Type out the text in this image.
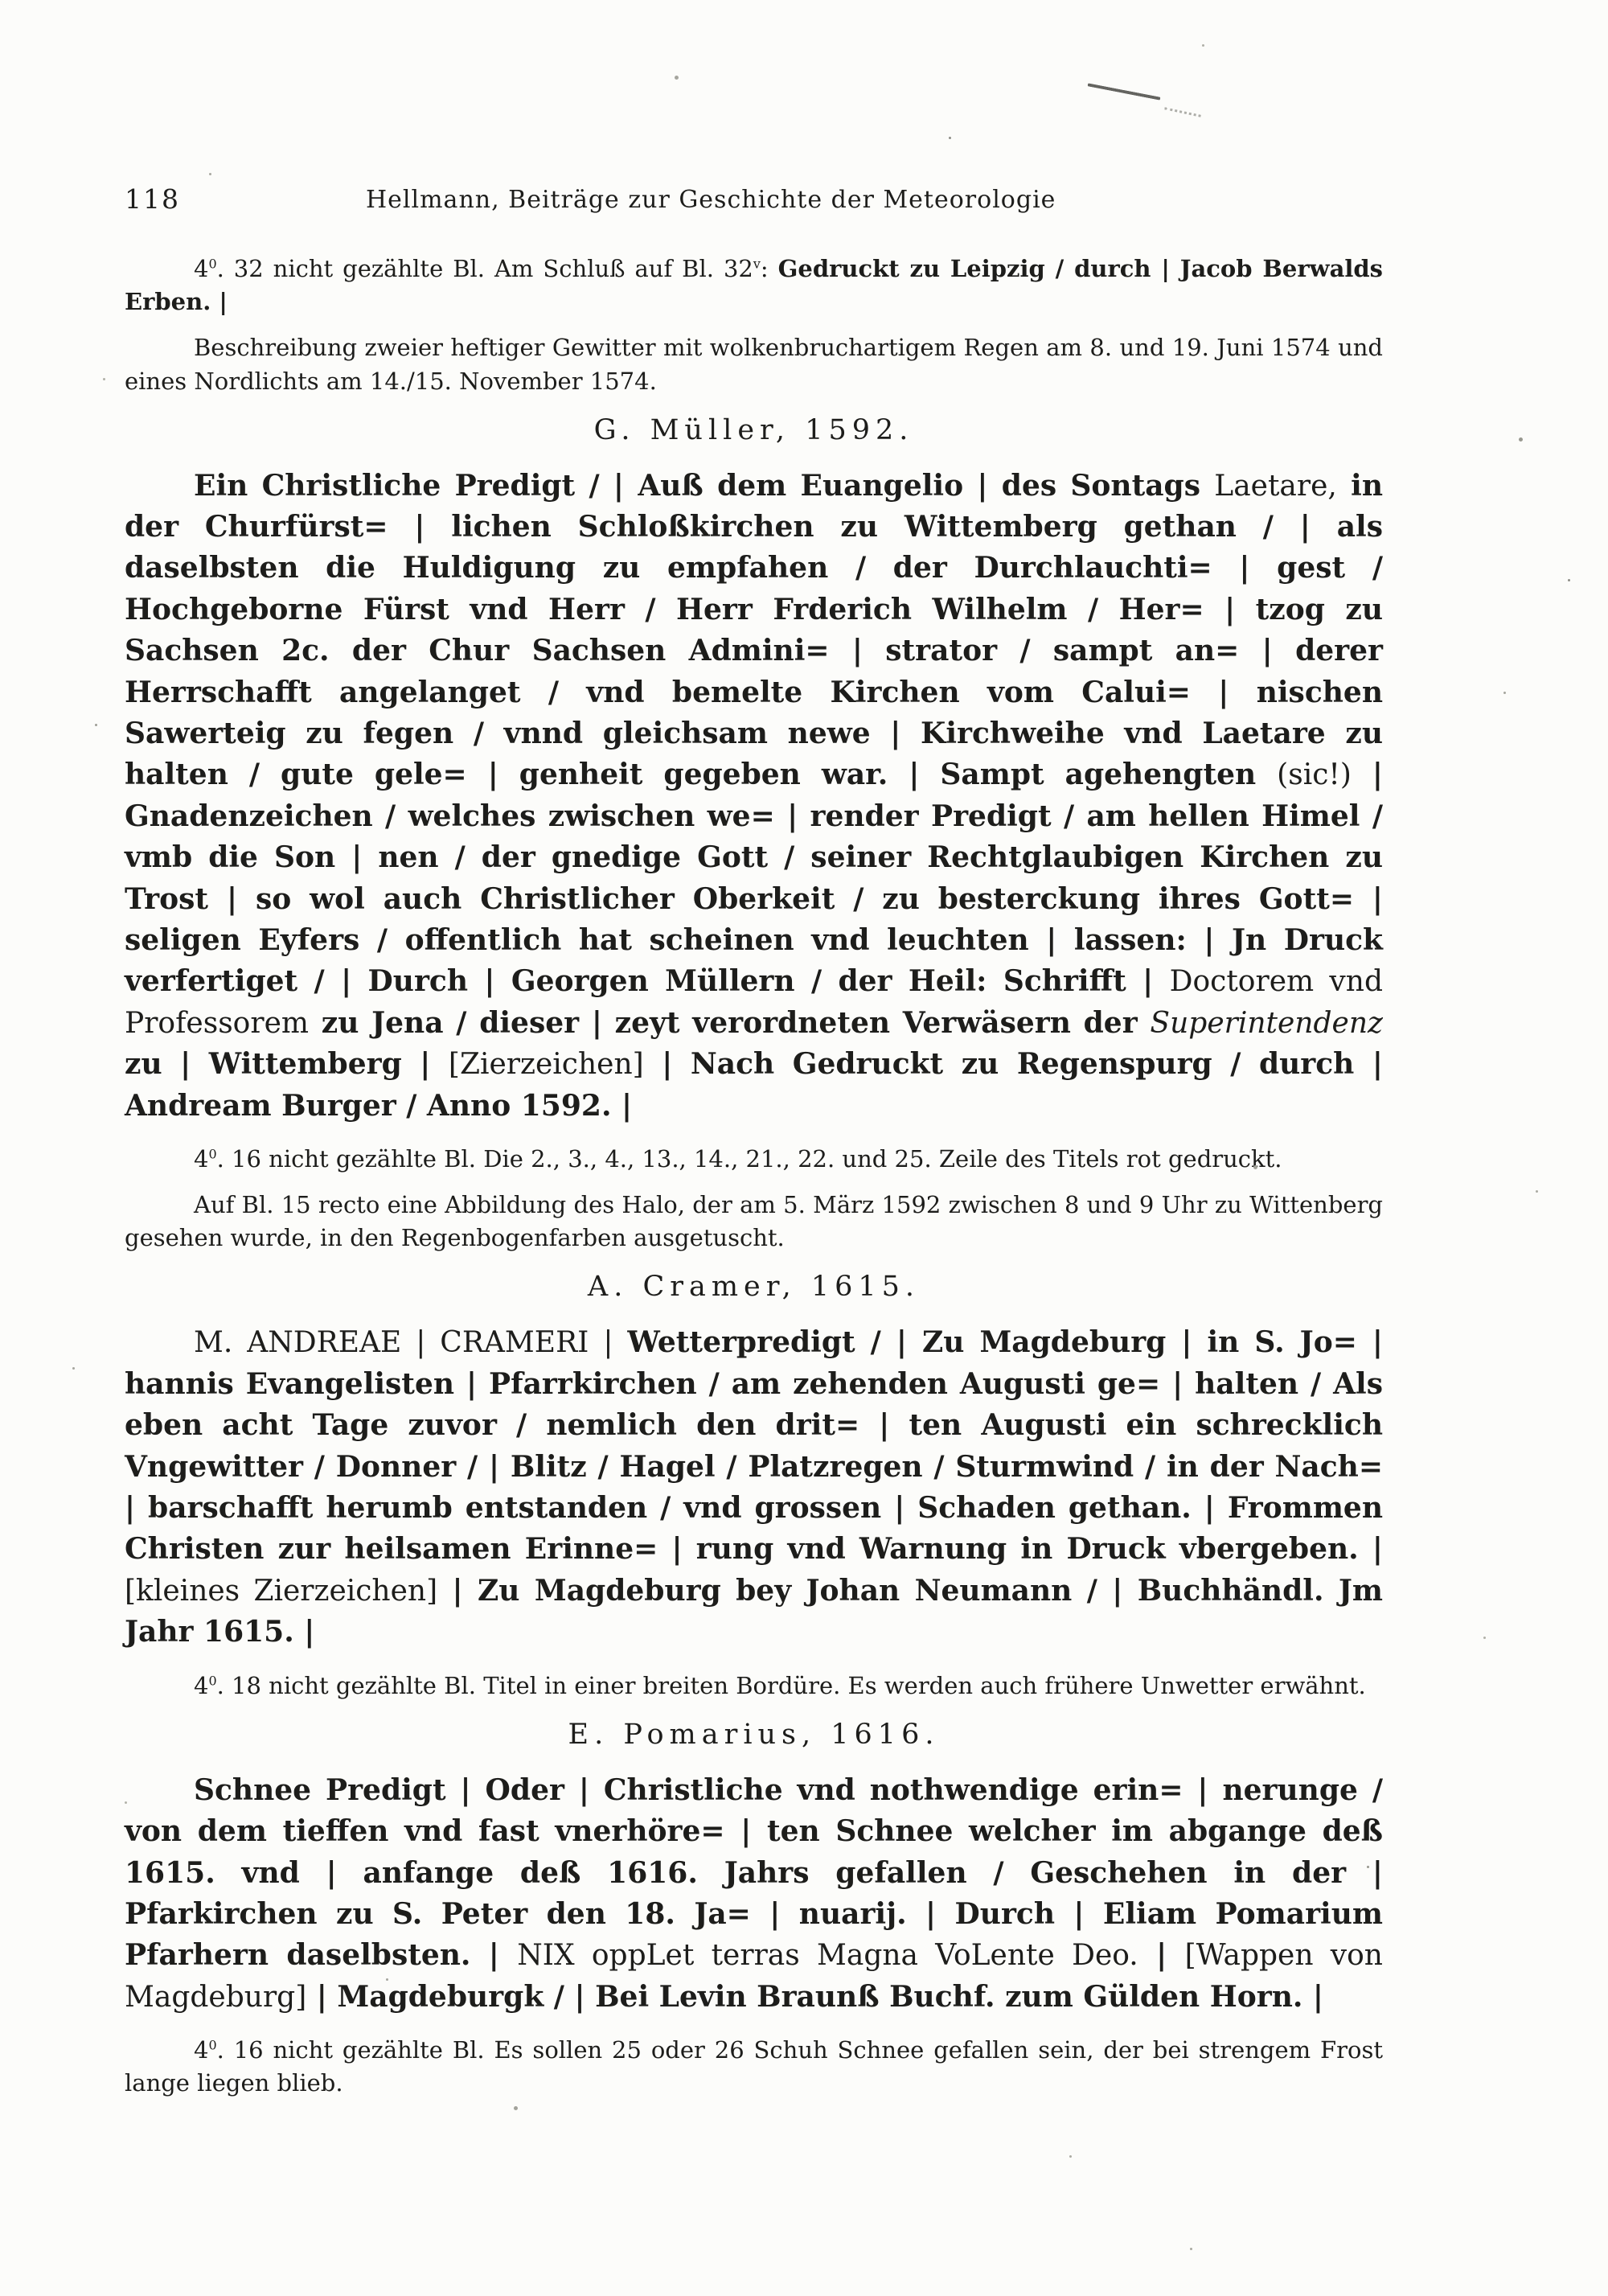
118	Hellmann, Beiträge zur Geschichte der Meteorologie

$4^0$. 32 nicht gezählte Bl. Am Schluß auf Bl. 32$^v$: Gedruckt zu Leipzig / durch | Jacob Berwalds Erben. |

Beschreibung zweier heftiger Gewitter mit wolkenbruchartigem Regen am 8. und 19. Juni 1574 und eines Nordlichts am 14./15. November 1574.

G. Müller, 1592.

Ein Christliche Predigt / | Auß dem Euangelio | des Sontags Laetare, in der Churfürst= | lichen Schloßkirchen zu Wittemberg gethan / | als daselbsten die Huldigung zu empfahen / der Durchlauchti= | gest / Hochgeborne Fürst vnd Herr / Herr Frderich Wilhelm / Her= | tzog zu Sachsen 2c. der Chur Sachsen Admini= | strator / sampt an= | derer Herrschafft angelanget / vnd bemelte Kirchen vom Calui= | nischen Sawerteig zu fegen / vnnd gleichsam newe | Kirchweihe vnd Laetare zu halten / gute gele= | genheit gegeben war. | Sampt agehengten (sic!) | Gnadenzeichen / welches zwischen we= | render Predigt / am hellen Himel / vmb die Son | nen / der gnedige Gott / seiner Rechtglaubigen Kirchen zu Trost | so wol auch Christlicher Oberkeit / zu besterckung ihres Gott= | seligen Eyfers / offentlich hat scheinen vnd leuchten | lassen: | Jn Druck verfertiget / | Durch | Georgen Müllern / der Heil: Schrifft | Doctorem vnd Professorem zu Jena / dieser | zeyt verordneten Verwäsern der Superintendenz zu | Wittemberg | [Zierzeichen] | Nach Gedruckt zu Regenspurg / durch | Andream Burger / Anno 1592. |

$4^0$. 16 nicht gezählte Bl. Die 2., 3., 4., 13., 14., 21., 22. und 25. Zeile des Titels rot gedruckt.

Auf Bl. 15 recto eine Abbildung des Halo, der am 5. März 1592 zwischen 8 und 9 Uhr zu Wittenberg gesehen wurde, in den Regenbogenfarben ausgetuscht.

A. Cramer, 1615.

M. ANDREAE | CRAMERI | Wetterpredigt / | Zu Magdeburg | in S. Jo= | hannis Evangelisten | Pfarrkirchen / am zehenden Augusti ge= | halten / Als eben acht Tage zuvor / nemlich den drit= | ten Augusti ein schrecklich Vngewitter / Donner / | Blitz / Hagel / Platzregen / Sturmwind / in der Nach= | barschafft herumb entstanden / vnd grossen | Schaden gethan. | Frommen Christen zur heilsamen Erinne= | rung vnd Warnung in Druck vbergeben. | [kleines Zierzeichen] | Zu Magdeburg bey Johan Neumann / | Buchhändl. Jm Jahr 1615. |

$4^0$. 18 nicht gezählte Bl. Titel in einer breiten Bordüre. Es werden auch frühere Unwetter erwähnt.

E. Pomarius, 1616.

Schnee Predigt | Oder | Christliche vnd nothwendige erin= | nerunge / von dem tieffen vnd fast vnerhöre= | ten Schnee welcher im abgange deß 1615. vnd | anfange deß 1616. Jahrs gefallen / Geschehen in der | Pfarkirchen zu S. Peter den 18. Ja= | nuarij. | Durch | Eliam Pomarium Pfarhern daselbsten. | NIX oppLet terras Magna VoLente Deo. | [Wappen von Magdeburg] | Magdeburgk / | Bei Levin Braunß Buchf. zum Gülden Horn. |

$4^0$. 16 nicht gezählte Bl. Es sollen 25 oder 26 Schuh Schnee gefallen sein, der bei strengem Frost lange liegen blieb.
